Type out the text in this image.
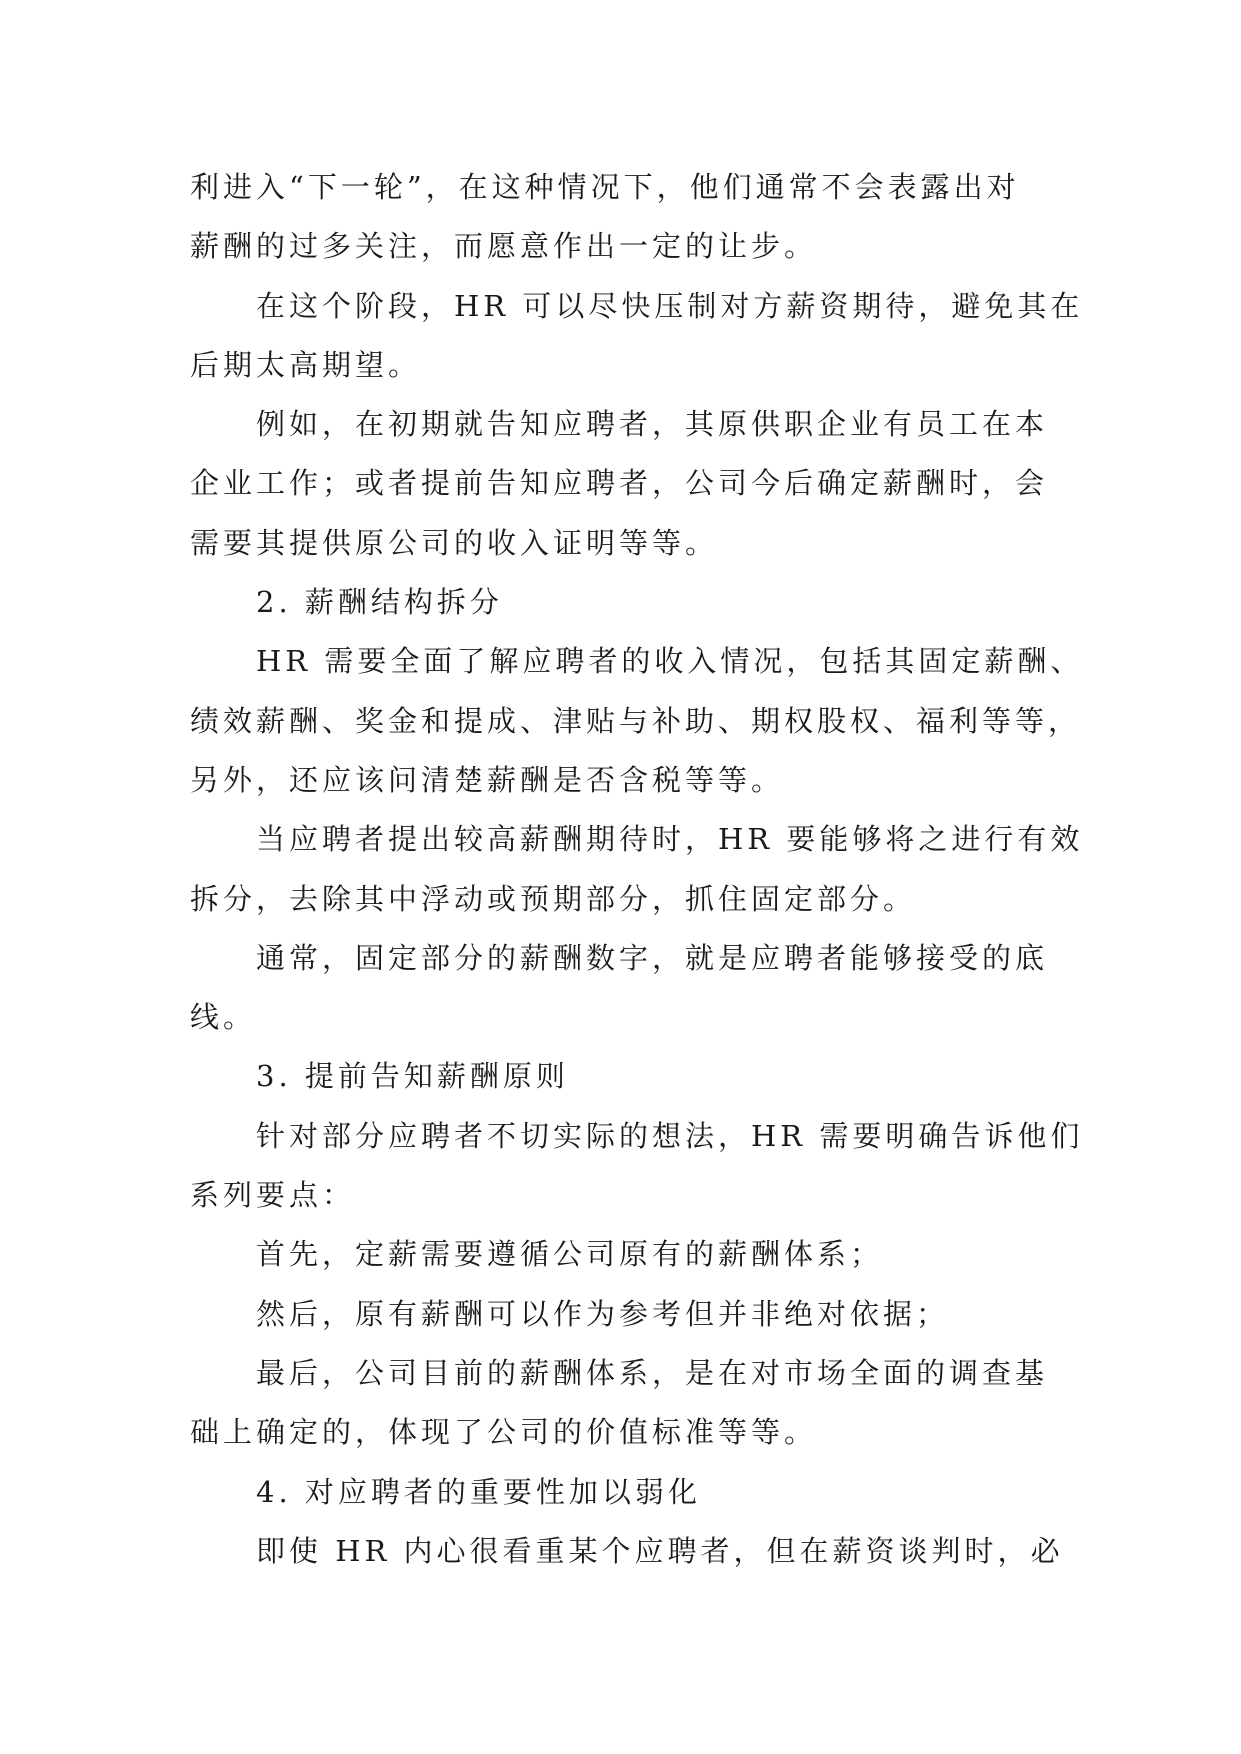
利进入“下一轮”，在这种情况下，他们通常不会表露出对
薪酬的过多关注，而愿意作出一定的让步。
在这个阶段，HR 可以尽快压制对方薪资期待，避免其在
后期太高期望。
例如，在初期就告知应聘者，其原供职企业有员工在本
企业工作；或者提前告知应聘者，公司今后确定薪酬时，会
需要其提供原公司的收入证明等等。
2. 薪酬结构拆分
HR 需要全面了解应聘者的收入情况，包括其固定薪酬、
绩效薪酬、奖金和提成、津贴与补助、期权股权、福利等等，
另外，还应该问清楚薪酬是否含税等等。
当应聘者提出较高薪酬期待时，HR 要能够将之进行有效
拆分，去除其中浮动或预期部分，抓住固定部分。
通常，固定部分的薪酬数字，就是应聘者能够接受的底
线。
3. 提前告知薪酬原则
针对部分应聘者不切实际的想法，HR 需要明确告诉他们
系列要点：
首先，定薪需要遵循公司原有的薪酬体系；
然后，原有薪酬可以作为参考但并非绝对依据；
最后，公司目前的薪酬体系，是在对市场全面的调查基
础上确定的，体现了公司的价值标准等等。
4. 对应聘者的重要性加以弱化
即使 HR 内心很看重某个应聘者，但在薪资谈判时，必
